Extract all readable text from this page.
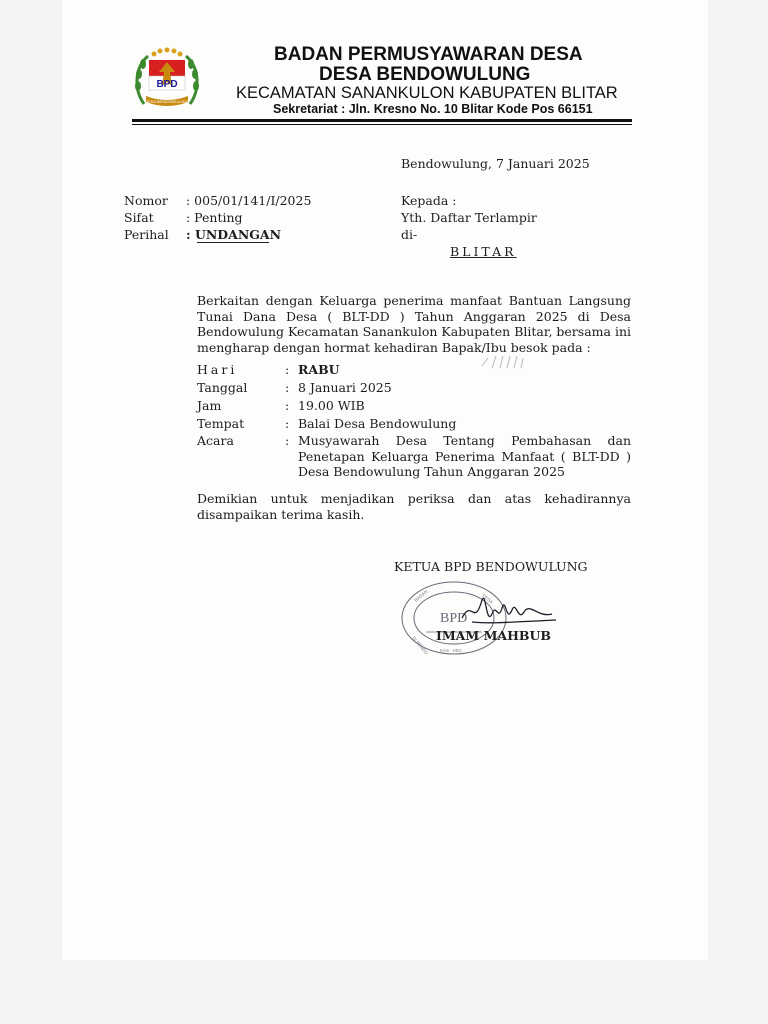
BPD
DESA BENDOWULUNG
BADAN PERMUSYAWARAN DESA
DESA BENDOWULUNG
KECAMATAN SANANKULON KABUPATEN BLITAR
Sekretariat : Jln. Kresno No. 10 Blitar Kode Pos 66151
Bendowulung, 7 Januari 2025
Nomor : 005/01/141/I/2025
Sifat	: Penting
Perihal : UNDANGAN
Kepada :
Yth. Daftar Terlampir
di-
BLITAR
Berkaitan dengan Keluarga penerima manfaat Bantuan Langsung Tunai Dana Desa ( BLT-DD ) Tahun Anggaran 2025 di Desa Bendowulung Kecamatan Sanankulon Kabupaten Blitar, bersama ini mengharap dengan hormat kehadiran Bapak/Ibu besok pada :
Hari	: RABU
Tanggal	: 8 Januari 2025
Jam	: 19.00 WIB
Tempat	: Balai Desa Bendowulung
Acara	: Musyawarah Desa Tentang Pembahasan dan Penetapan Keluarga Penerima Manfaat ( BLT-DD ) Desa Bendowulung Tahun Anggaran 2025
Demikian untuk menjadikan periksa dan atas kehadirannya disampaikan terima kasih.
KETUA BPD BENDOWULUNG
BADAN	DESA
DI BENDO KAS · KEC
BPD
IMAM MAHBUB
